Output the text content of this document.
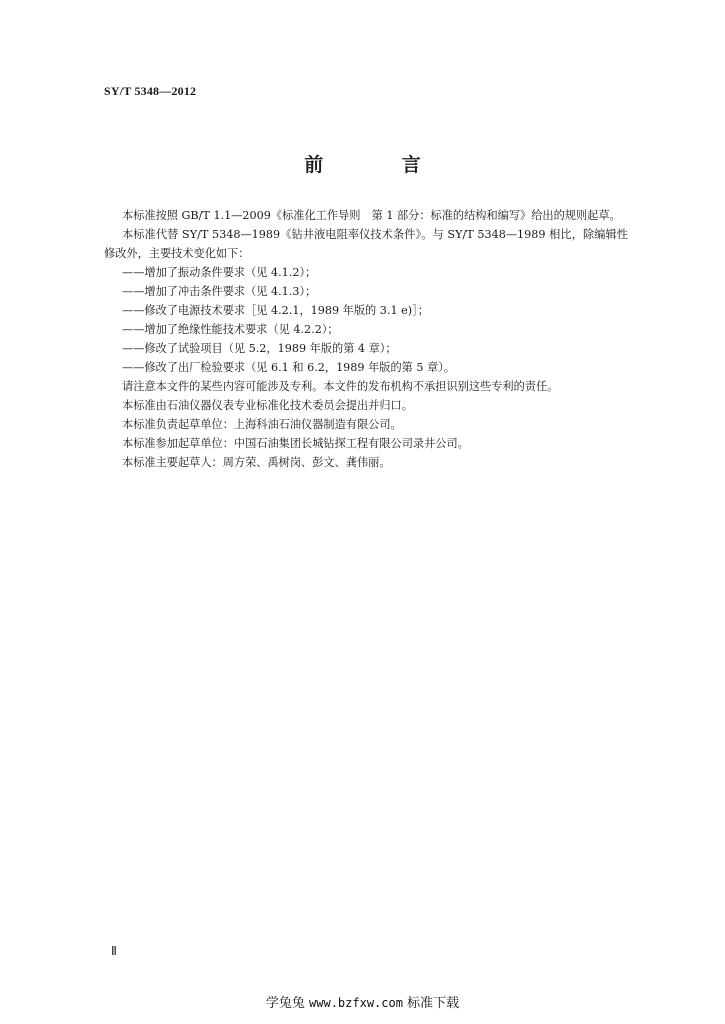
SY/T 5348—2012
前 言

本标准按照 GB/T 1.1—2009《标准化工作导则　第 1 部分：标准的结构和编写》给出的规则起草。

本标准代替 SY/T 5348—1989《钻井液电阻率仪技术条件》。与 SY/T 5348—1989 相比，除编辑性修改外，主要技术变化如下：

——增加了振动条件要求（见 4.1.2）；

——增加了冲击条件要求（见 4.1.3）；

——修改了电源技术要求［见 4.2.1，1989 年版的 3.1 e)］；

——增加了绝缘性能技术要求（见 4.2.2）；

——修改了试验项目（见 5.2，1989 年版的第 4 章）；

——修改了出厂检验要求（见 6.1 和 6.2，1989 年版的第 5 章）。

请注意本文件的某些内容可能涉及专利。本文件的发布机构不承担识别这些专利的责任。

本标准由石油仪器仪表专业标准化技术委员会提出并归口。

本标准负责起草单位：上海科油石油仪器制造有限公司。

本标准参加起草单位：中国石油集团长城钻探工程有限公司录井公司。

本标准主要起草人：周方荣、禹树岗、彭文、龚伟丽。

Ⅱ
学兔兔 www.bzfxw.com 标准下载
